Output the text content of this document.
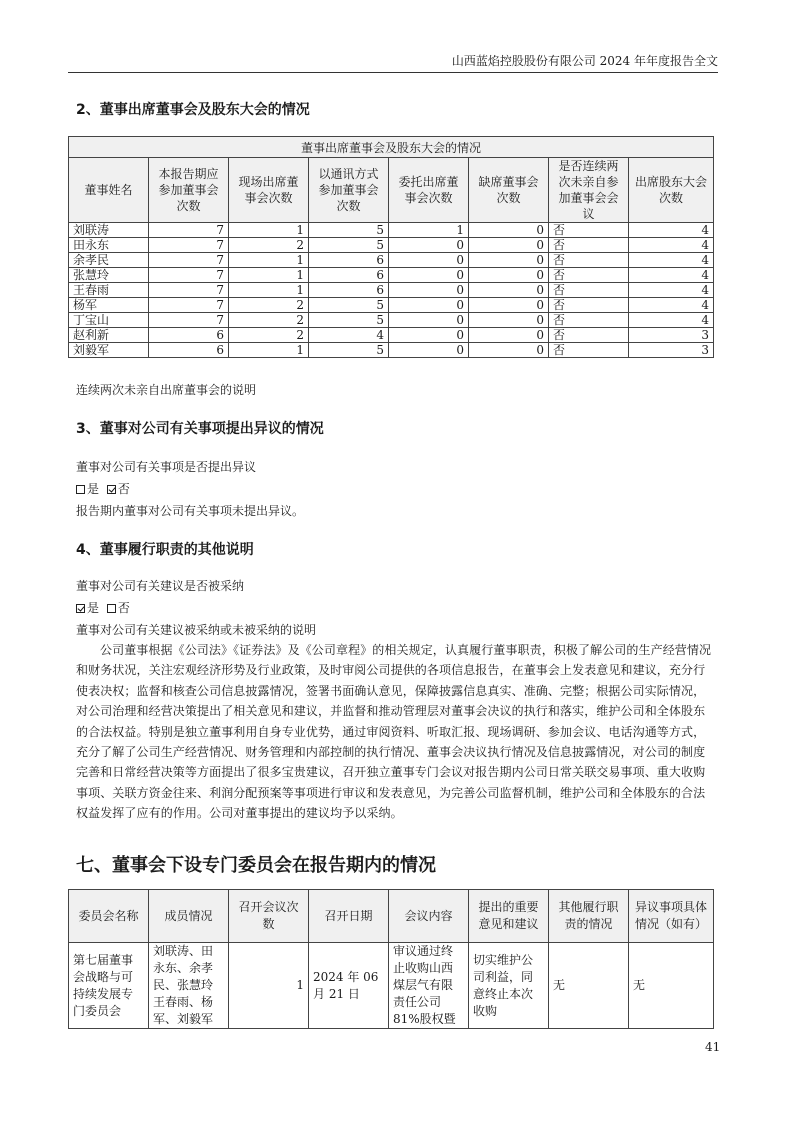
山西蓝焰控股股份有限公司 2024 年年度报告全文
2、董事出席董事会及股东大会的情况
董事出席董事会及股东大会的情况							
董事姓名	本报告期应参加董事会次数	现场出席董事会次数	以通讯方式参加董事会次数	委托出席董事会次数	缺席董事会次数	是否连续两次未亲自参加董事会会议	出席股东大会次数
刘联涛	7	1	5	1	0	否	4
田永东	7	2	5	0	0	否	4
余孝民	7	1	6	0	0	否	4
张慧玲	7	1	6	0	0	否	4
王春雨	7	1	6	0	0	否	4
杨军	7	2	5	0	0	否	4
丁宝山	7	2	5	0	0	否	4
赵利新	6	2	4	0	0	否	3
刘毅军	6	1	5	0	0	否	3
连续两次未亲自出席董事会的说明
3、董事对公司有关事项提出异议的情况
董事对公司有关事项是否提出异议
是 否
报告期内董事对公司有关事项未提出异议。
4、董事履行职责的其他说明
董事对公司有关建议是否被采纳
是 否
董事对公司有关建议被采纳或未被采纳的说明
公司董事根据《公司法》《证券法》及《公司章程》的相关规定，认真履行董事职责，积极了解公司的生产经营情况和财务状况，关注宏观经济形势及行业政策，及时审阅公司提供的各项信息报告，在董事会上发表意见和建议，充分行使表决权；监督和核查公司信息披露情况，签署书面确认意见，保障披露信息真实、准确、完整；根据公司实际情况，对公司治理和经营决策提出了相关意见和建议，并监督和推动管理层对董事会决议的执行和落实，维护公司和全体股东的合法权益。特别是独立董事利用自身专业优势，通过审阅资料、听取汇报、现场调研、参加会议、电话沟通等方式，充分了解了公司生产经营情况、财务管理和内部控制的执行情况、董事会决议执行情况及信息披露情况，对公司的制度完善和日常经营决策等方面提出了很多宝贵建议，召开独立董事专门会议对报告期内公司日常关联交易事项、重大收购事项、关联方资金往来、利润分配预案等事项进行审议和发表意见，为完善公司监督机制，维护公司和全体股东的合法权益发挥了应有的作用。公司对董事提出的建议均予以采纳。
七、董事会下设专门委员会在报告期内的情况
委员会名称	成员情况	召开会议次数	召开日期	会议内容	提出的重要意见和建议	其他履行职责的情况	异议事项具体情况（如有）
第七届董事会战略与可持续发展专门委员会	刘联涛、田永东、余孝民、张慧玲王春雨、杨军、刘毅军	1	2024 年 06 月 21 日	审议通过终止收购山西煤层气有限责任公司 81%股权暨	切实维护公司利益，同意终止本次收购	无	无
41
